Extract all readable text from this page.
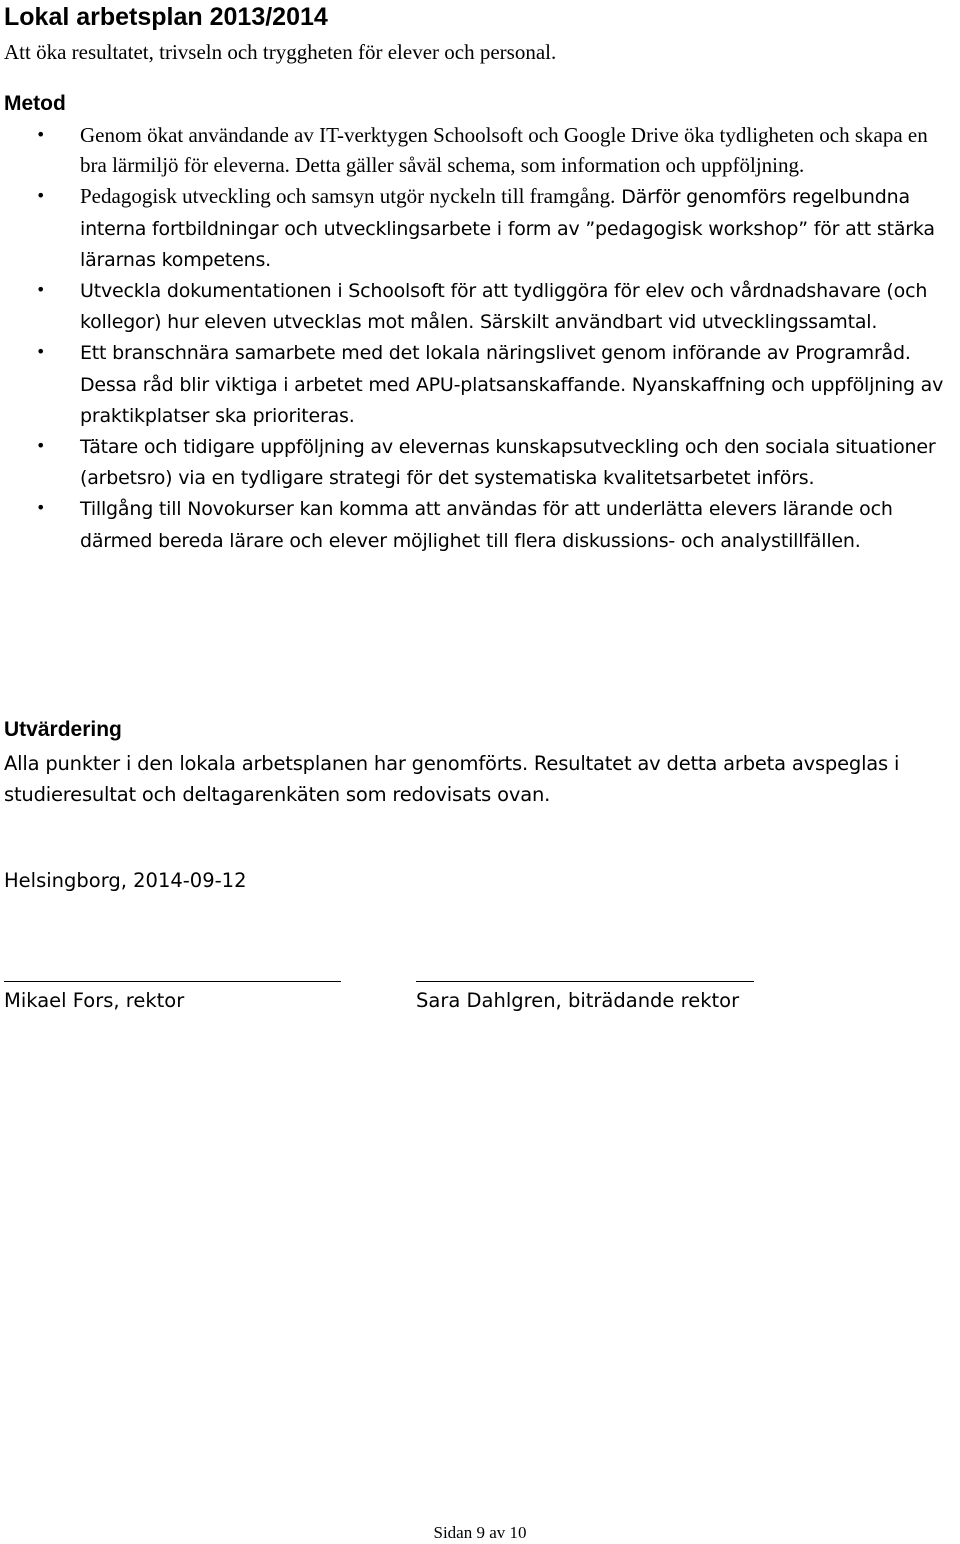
Lokal arbetsplan 2013/2014

Att öka resultatet, trivseln och tryggheten för elever och personal.

Metod
• Genom ökat användande av IT-verktygen Schoolsoft och Google Drive öka tydligheten och skapa en bra lärmiljö för eleverna. Detta gäller såväl schema, som information och uppföljning.
• Pedagogisk utveckling och samsyn utgör nyckeln till framgång. Därför genomförs regelbundna interna fortbildningar och utvecklingsarbete i form av ”pedagogisk workshop” för att stärka lärarnas kompetens.
• Utveckla dokumentationen i Schoolsoft för att tydliggöra för elev och vårdnadshavare (och kollegor) hur eleven utvecklas mot målen. Särskilt användbart vid utvecklingssamtal.
• Ett branschnära samarbete med det lokala näringslivet genom införande av Programråd. Dessa råd blir viktiga i arbetet med APU-platsanskaffande. Nyanskaffning och uppföljning av praktikplatser ska prioriteras.
• Tätare och tidigare uppföljning av elevernas kunskapsutveckling och den sociala situationer (arbetsro) via en tydligare strategi för det systematiska kvalitetsarbetet införs.
• Tillgång till Novokurser kan komma att användas för att underlätta elevers lärande och därmed bereda lärare och elever möjlighet till flera diskussions- och analystillfällen.
Utvärdering

Alla punkter i den lokala arbetsplanen har genomförts. Resultatet av detta arbeta avspeglas i studieresultat och deltagarenkäten som redovisats ovan.

Helsingborg, 2014-09-12

Mikael Fors, rektor	Sara Dahlgren, biträdande rektor

Sidan 9 av 10
